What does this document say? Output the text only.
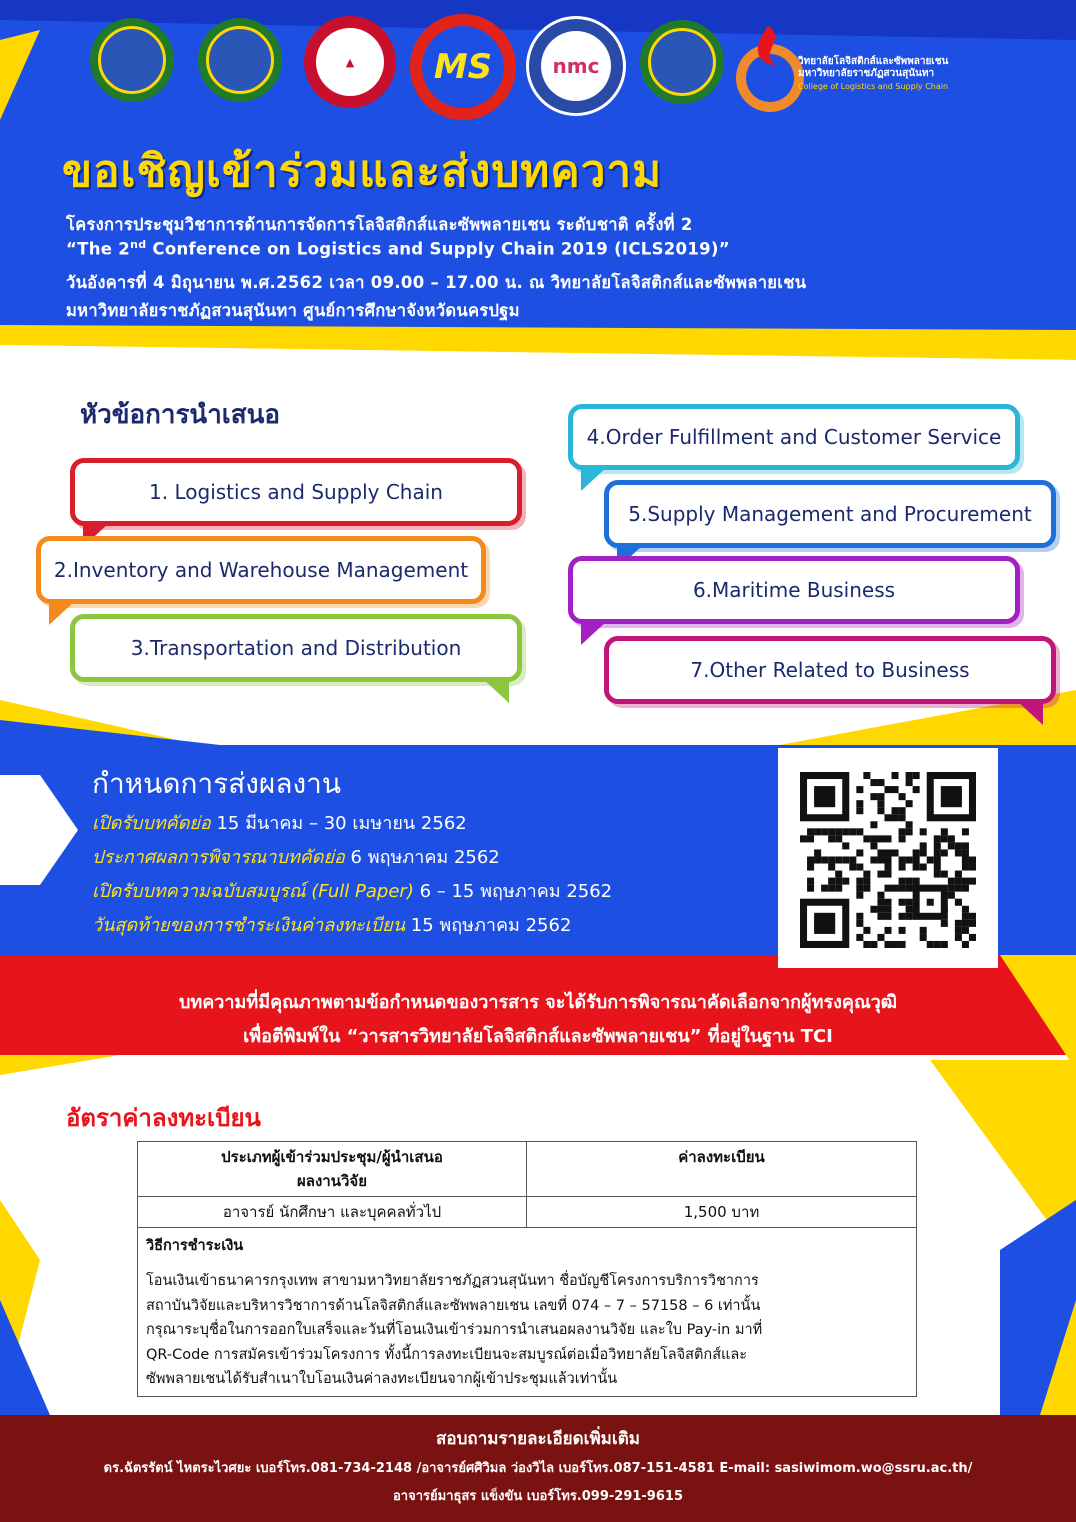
▲	MS	nmc	วิทยาลัยโลจิสติกส์และซัพพลายเชน มหาวิทยาลัยราชภัฏสวนสุนันทา
College of Logistics and Supply Chain
ขอเชิญเข้าร่วมและส่งบทความ
โครงการประชุมวิชาการด้านการจัดการโลจิสติกส์และซัพพลายเชน ระดับชาติ ครั้งที่ 2
“The 2nd Conference on Logistics and Supply Chain 2019 (ICLS2019)”
วันอังคารที่ 4 มิถุนายน พ.ศ.2562 เวลา 09.00 – 17.00 น. ณ วิทยาลัยโลจิสติกส์และซัพพลายเชน
มหาวิทยาลัยราชภัฏสวนสุนันทา ศูนย์การศึกษาจังหวัดนครปฐม
หัวข้อการนำเสนอ
1. Logistics and Supply Chain
2.Inventory and Warehouse Management
3.Transportation and Distribution
4.Order Fulfillment and Customer Service
5.Supply Management and Procurement
6.Maritime Business
7.Other Related to Business
กำหนดการส่งผลงาน
เปิดรับบทคัดย่อ 15 มีนาคม – 30 เมษายน 2562
ประกาศผลการพิจารณาบทคัดย่อ 6 พฤษภาคม 2562
เปิดรับบทความฉบับสมบูรณ์ (Full Paper) 6 – 15 พฤษภาคม 2562
วันสุดท้ายของการชำระเงินค่าลงทะเบียน 15 พฤษภาคม 2562
บทความที่มีคุณภาพตามข้อกำหนดของวารสาร จะได้รับการพิจารณาคัดเลือกจากผู้ทรงคุณวุฒิ
เพื่อตีพิมพ์ใน “วารสารวิทยาลัยโลจิสติกส์และซัพพลายเชน” ที่อยู่ในฐาน TCI
อัตราค่าลงทะเบียน
ประเภทผู้เข้าร่วมประชุม/ผู้นำเสนอ
ผลงานวิจัย	ค่าลงทะเบียน
อาจารย์ นักศึกษา และบุคคลทั่วไป	1,500 บาท
วิธีการชำระเงิน
โอนเงินเข้าธนาคารกรุงเทพ สาขามหาวิทยาลัยราชภัฏสวนสุนันทา ชื่อบัญชีโครงการบริการวิชาการ
สถาบันวิจัยและบริหารวิชาการด้านโลจิสติกส์และซัพพลายเชน เลขที่ 074 – 7 – 57158 – 6 เท่านั้น
กรุณาระบุชื่อในการออกใบเสร็จและวันที่โอนเงินเข้าร่วมการนำเสนอผลงานวิจัย และใบ Pay-in มาที่
QR-Code การสมัครเข้าร่วมโครงการ ทั้งนี้การลงทะเบียนจะสมบูรณ์ต่อเมื่อวิทยาลัยโลจิสติกส์และ
ซัพพลายเชนได้รับสำเนาใบโอนเงินค่าลงทะเบียนจากผู้เข้าประชุมแล้วเท่านั้น
สอบถามรายละเอียดเพิ่มเติม
ดร.ฉัตรรัตน์ ไหตระไวศยะ เบอร์โทร.081-734-2148 /อาจารย์ศศิวิมล ว่องวิไล เบอร์โทร.087-151-4581 E-mail: sasiwimom.wo@ssru.ac.th/
อาจารย์มาธุสร แข็งขัน เบอร์โทร.099-291-9615
